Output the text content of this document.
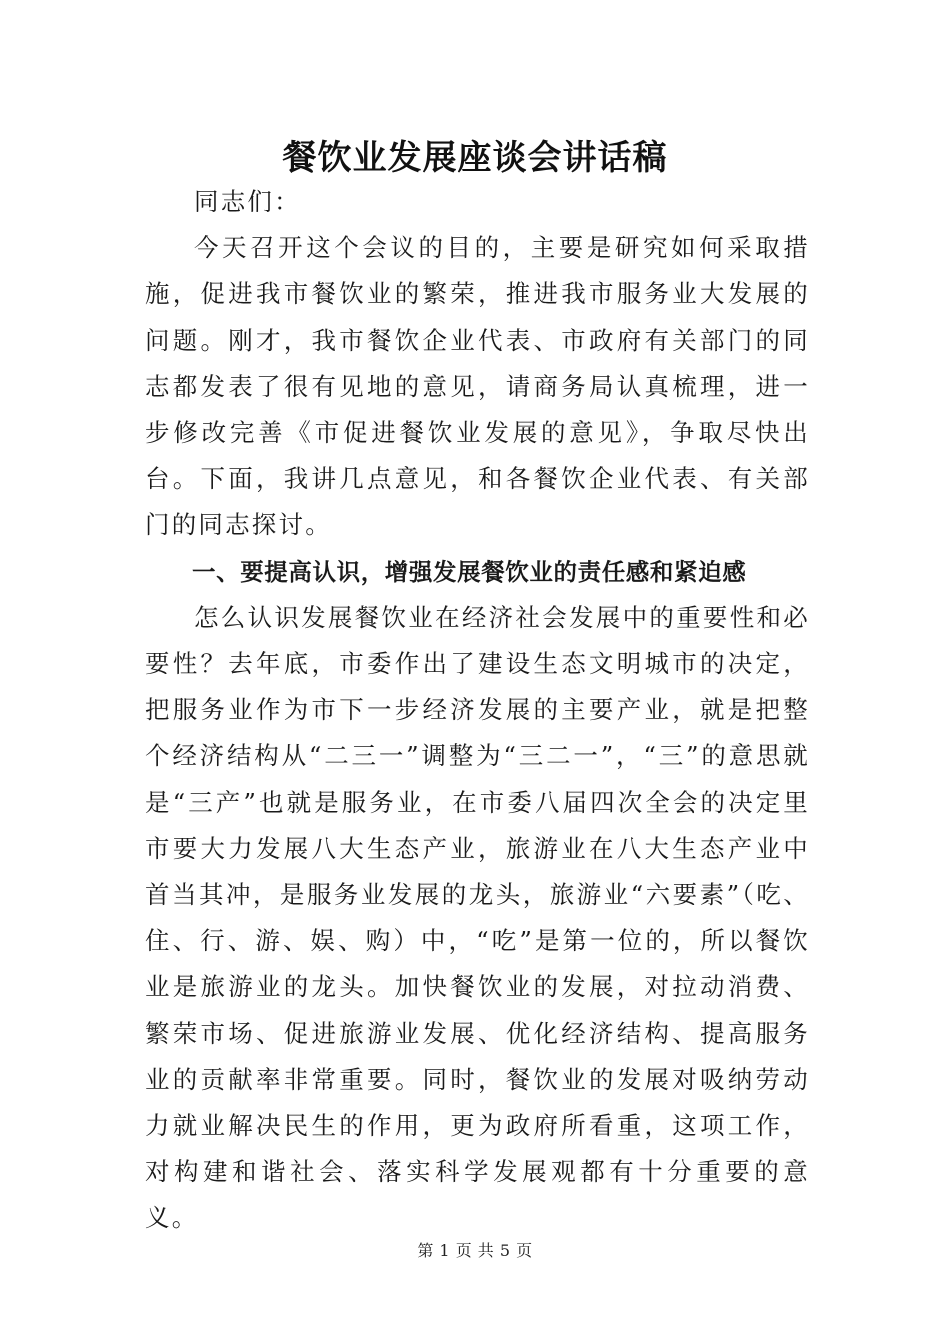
餐饮业发展座谈会讲话稿

同志们：

今天召开这个会议的目的，主要是研究如何采取措施，促进我市餐饮业的繁荣，推进我市服务业大发展的问题。刚才，我市餐饮企业代表、市政府有关部门的同志都发表了很有见地的意见，请商务局认真梳理，进一步修改完善《市促进餐饮业发展的意见》，争取尽快出台。下面，我讲几点意见，和各餐饮企业代表、有关部门的同志探讨。

一、要提高认识，增强发展餐饮业的责任感和紧迫感

怎么认识发展餐饮业在经济社会发展中的重要性和必要性？去年底，市委作出了建设生态文明城市的决定，把服务业作为市下一步经济发展的主要产业，就是把整个经济结构从“二三一”调整为“三二一”，“三”的意思就是“三产”也就是服务业，在市委八届四次全会的决定里市要大力发展八大生态产业，旅游业在八大生态产业中首当其冲，是服务业发展的龙头，旅游业“六要素”（吃、住、行、游、娱、购）中，“吃”是第一位的，所以餐饮业是旅游业的龙头。加快餐饮业的发展，对拉动消费、繁荣市场、促进旅游业发展、优化经济结构、提高服务业的贡献率非常重要。同时，餐饮业的发展对吸纳劳动力就业解决民生的作用，更为政府所看重，这项工作，对构建和谐社会、落实科学发展观都有十分重要的意义。

第 1 页 共 5 页
